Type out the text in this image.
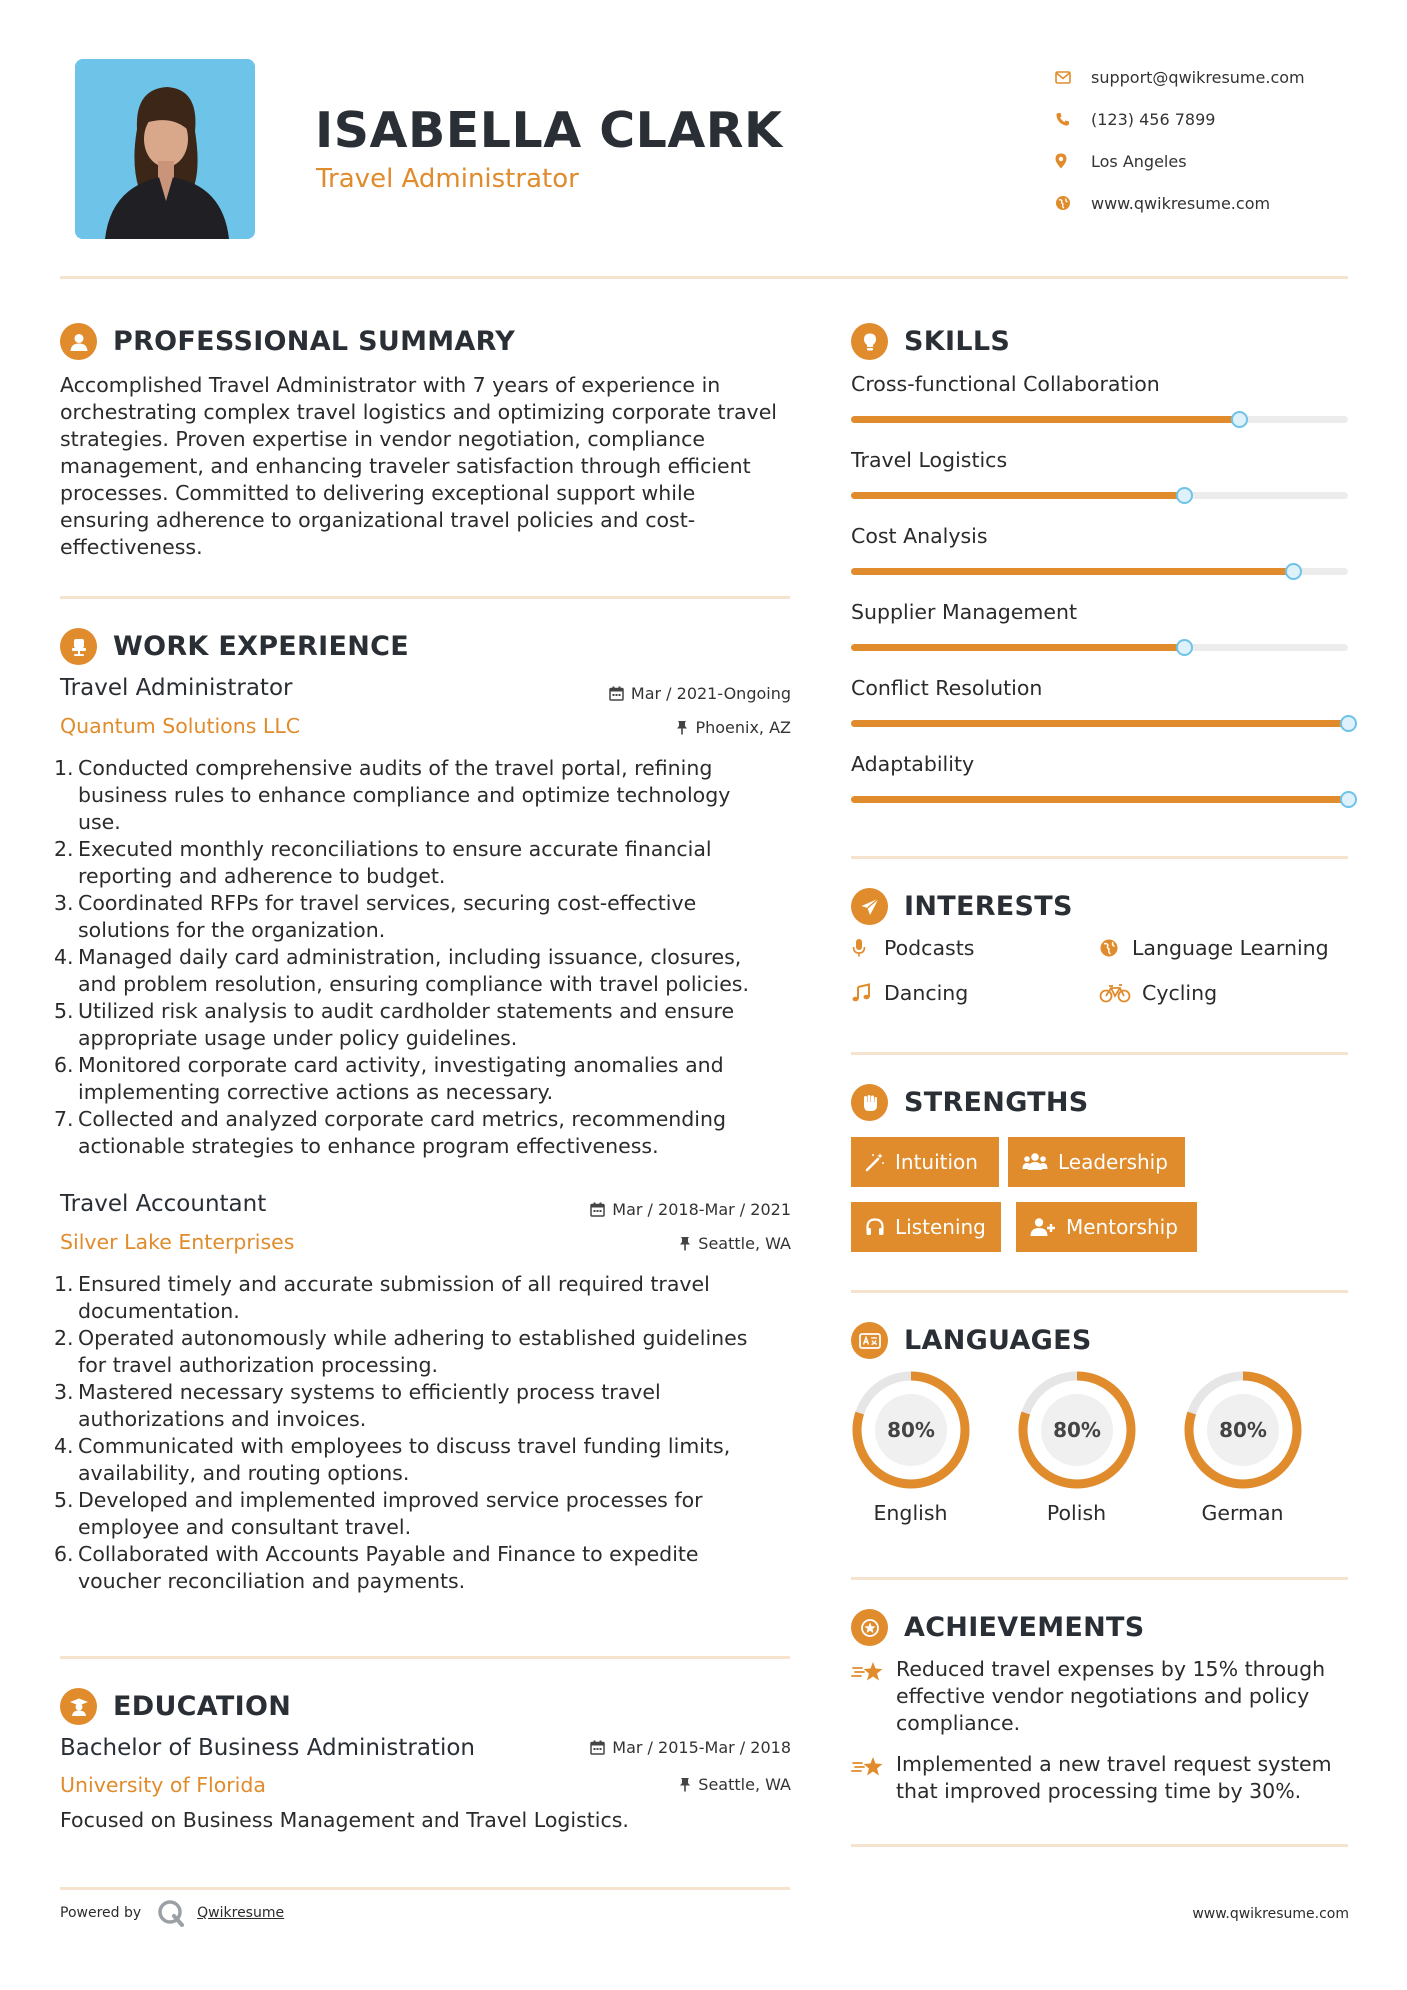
ISABELLA CLARK
Travel Administrator
support@qwikresume.com
(123) 456 7899
Los Angeles
www.qwikresume.com
PROFESSIONAL SUMMARY
Accomplished Travel Administrator with 7 years of experience in
orchestrating complex travel logistics and optimizing corporate travel
strategies. Proven expertise in vendor negotiation, compliance
management, and enhancing traveler satisfaction through efficient
processes. Committed to delivering exceptional support while
ensuring adherence to organizational travel policies and cost-
effectiveness.
WORK EXPERIENCE
Travel Administrator	Mar / 2021-Ongoing
Quantum Solutions LLC	Phoenix, AZ
1. Conducted comprehensive audits of the travel portal, refining
business rules to enhance compliance and optimize technology
use.
2. Executed monthly reconciliations to ensure accurate financial
reporting and adherence to budget.
3. Coordinated RFPs for travel services, securing cost-effective
solutions for the organization.
4. Managed daily card administration, including issuance, closures,
and problem resolution, ensuring compliance with travel policies.
5. Utilized risk analysis to audit cardholder statements and ensure
appropriate usage under policy guidelines.
6. Monitored corporate card activity, investigating anomalies and
implementing corrective actions as necessary.
7. Collected and analyzed corporate card metrics, recommending
actionable strategies to enhance program effectiveness.
Travel Accountant	Mar / 2018-Mar / 2021
Silver Lake Enterprises	Seattle, WA
1. Ensured timely and accurate submission of all required travel
documentation.
2. Operated autonomously while adhering to established guidelines
for travel authorization processing.
3. Mastered necessary systems to efficiently process travel
authorizations and invoices.
4. Communicated with employees to discuss travel funding limits,
availability, and routing options.
5. Developed and implemented improved service processes for
employee and consultant travel.
6. Collaborated with Accounts Payable and Finance to expedite
voucher reconciliation and payments.
EDUCATION
Bachelor of Business Administration	Mar / 2015-Mar / 2018
University of Florida	Seattle, WA
Focused on Business Management and Travel Logistics.
Powered by	Qwikresume	www.qwikresume.com
SKILLS
Cross-functional Collaboration
Travel Logistics
Cost Analysis
Supplier Management
Conflict Resolution
Adaptability
INTERESTS
Podcasts	Language Learning
Dancing	Cycling
STRENGTHS
Intuition	Leadership
Listening	Mentorship
LANGUAGES
80%
English
80%
Polish
80%
German
ACHIEVEMENTS
Reduced travel expenses by 15% through
effective vendor negotiations and policy
compliance.
Implemented a new travel request system
that improved processing time by 30%.
